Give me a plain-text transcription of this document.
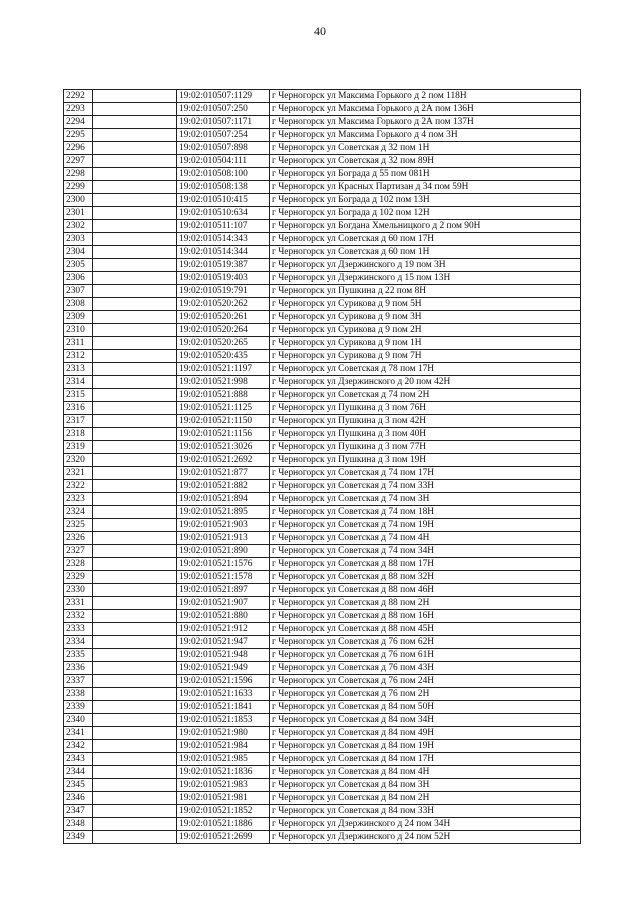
40
2292		19:02:010507:1129	г Черногорск ул Максима Горького д 2 пом 118Н
2293		19:02:010507:250	г Черногорск ул Максима Горького д 2А пом 136Н
2294		19:02:010507:1171	г Черногорск ул Максима Горького д 2А пом 137Н
2295		19:02:010507:254	г Черногорск ул Максима Горького д 4 пом 3Н
2296		19:02:010507:898	г Черногорск ул Советская д 32 пом 1Н
2297		19:02:010504:111	г Черногорск ул Советская д 32 пом 89Н
2298		19:02:010508:100	г Черногорск ул Бограда д 55 пом 081Н
2299		19:02:010508:138	г Черногорск ул Красных Партизан д 34 пом 59Н
2300		19:02:010510:415	г Черногорск ул Бограда д 102 пом 13Н
2301		19:02:010510:634	г Черногорск ул Бограда д 102 пом 12Н
2302		19:02:010511:107	г Черногорск ул Богдана Хмельницкого д 2 пом 90Н
2303		19:02:010514:343	г Черногорск ул Советская д 60 пом 17Н
2304		19:02:010514:344	г Черногорск ул Советская д 60 пом 1Н
2305		19:02:010519:387	г Черногорск ул Дзержинского д 19 пом 3Н
2306		19:02:010519:403	г Черногорск ул Дзержинского д 15 пом 13Н
2307		19:02:010519:791	г Черногорск ул Пушкина д 22 пом 8Н
2308		19:02:010520:262	г Черногорск ул Сурикова д 9 пом 5Н
2309		19:02:010520:261	г Черногорск ул Сурикова д 9 пом 3Н
2310		19:02:010520:264	г Черногорск ул Сурикова д 9 пом 2Н
2311		19:02:010520:265	г Черногорск ул Сурикова д 9 пом 1Н
2312		19:02:010520:435	г Черногорск ул Сурикова д 9 пом 7Н
2313		19:02:010521:1197	г Черногорск ул Советская д 78 пом 17Н
2314		19:02:010521:998	г Черногорск ул Дзержинского д 20 пом 42Н
2315		19:02:010521:888	г Черногорск ул Советская д 74 пом 2Н
2316		19:02:010521:1125	г Черногорск ул Пушкина д 3 пом 76Н
2317		19:02:010521:1150	г Черногорск ул Пушкина д 3 пом 42Н
2318		19:02:010521:1156	г Черногорск ул Пушкина д 3 пом 40Н
2319		19:02:010521:3026	г Черногорск ул Пушкина д 3 пом 77Н
2320		19:02:010521:2692	г Черногорск ул Пушкина д 3 пом 19Н
2321		19:02:010521:877	г Черногорск ул Советская д 74 пом 17Н
2322		19:02:010521:882	г Черногорск ул Советская д 74 пом 33Н
2323		19:02:010521:894	г Черногорск ул Советская д 74 пом 3Н
2324		19:02:010521:895	г Черногорск ул Советская д 74 пом 18Н
2325		19:02:010521:903	г Черногорск ул Советская д 74 пом 19Н
2326		19:02:010521:913	г Черногорск ул Советская д 74 пом 4Н
2327		19:02:010521:890	г Черногорск ул Советская д 74 пом 34Н
2328		19:02:010521:1576	г Черногорск ул Советская д 88 пом 17Н
2329		19:02:010521:1578	г Черногорск ул Советская д 88 пом 32Н
2330		19:02:010521:897	г Черногорск ул Советская д 88 пом 46Н
2331		19:02:010521:907	г Черногорск ул Советская д 88 пом 2Н
2332		19:02:010521:880	г Черногорск ул Советская д 88 пом 16Н
2333		19:02:010521:912	г Черногорск ул Советская д 88 пом 45Н
2334		19:02:010521:947	г Черногорск ул Советская д 76 пом 62Н
2335		19:02:010521:948	г Черногорск ул Советская д 76 пом 61Н
2336		19:02:010521:949	г Черногорск ул Советская д 76 пом 43Н
2337		19:02:010521:1596	г Черногорск ул Советская д 76 пом 24Н
2338		19:02:010521:1633	г Черногорск ул Советская д 76 пом 2Н
2339		19:02:010521:1841	г Черногорск ул Советская д 84 пом 50Н
2340		19:02:010521:1853	г Черногорск ул Советская д 84 пом 34Н
2341		19:02:010521:980	г Черногорск ул Советская д 84 пом 49Н
2342		19:02:010521:984	г Черногорск ул Советская д 84 пом 19Н
2343		19:02:010521:985	г Черногорск ул Советская д 84 пом 17Н
2344		19:02:010521:1836	г Черногорск ул Советская д 84 пом 4Н
2345		19:02:010521:983	г Черногорск ул Советская д 84 пом 3Н
2346		19:02:010521:981	г Черногорск ул Советская д 84 пом 2Н
2347		19:02:010521:1852	г Черногорск ул Советская д 84 пом 33Н
2348		19:02:010521:1886	г Черногорск ул Дзержинского д 24 пом 34Н
2349		19:02:010521:2699	г Черногорск ул Дзержинского д 24 пом 52Н
